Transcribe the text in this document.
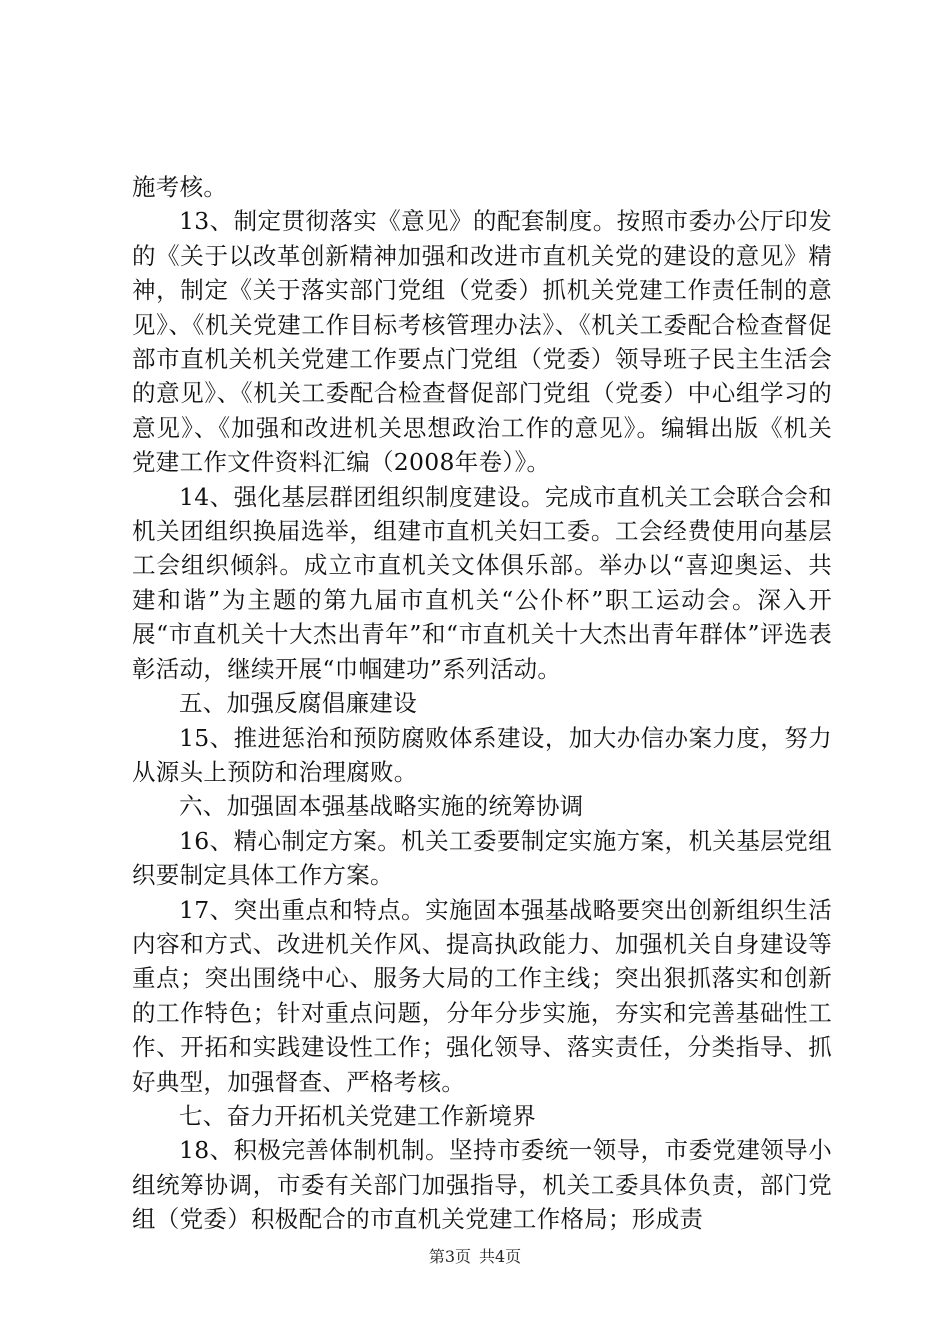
施考核。

13、制定贯彻落实《意见》的配套制度。按照市委办公厅印发的《关于以改革创新精神加强和改进市直机关党的建设的意见》精神，制定《关于落实部门党组（党委）抓机关党建工作责任制的意见》、《机关党建工作目标考核管理办法》、《机关工委配合检查督促部市直机关机关党建工作要点门党组（党委）领导班子民主生活会的意见》、《机关工委配合检查督促部门党组（党委）中心组学习的意见》、《加强和改进机关思想政治工作的意见》。编辑出版《机关党建工作文件资料汇编（2008年卷）》。

14、强化基层群团组织制度建设。完成市直机关工会联合会和机关团组织换届选举，组建市直机关妇工委。工会经费使用向基层工会组织倾斜。成立市直机关文体俱乐部。举办以“喜迎奥运、共建和谐”为主题的第九届市直机关“公仆杯”职工运动会。深入开展“市直机关十大杰出青年”和“市直机关十大杰出青年群体”评选表彰活动，继续开展“巾帼建功”系列活动。

五、加强反腐倡廉建设

15、推进惩治和预防腐败体系建设，加大办信办案力度，努力从源头上预防和治理腐败。

六、加强固本强基战略实施的统筹协调

16、精心制定方案。机关工委要制定实施方案，机关基层党组织要制定具体工作方案。

17、突出重点和特点。实施固本强基战略要突出创新组织生活内容和方式、改进机关作风、提高执政能力、加强机关自身建设等重点；突出围绕中心、服务大局的工作主线；突出狠抓落实和创新的工作特色；针对重点问题，分年分步实施，夯实和完善基础性工作、开拓和实践建设性工作；强化领导、落实责任，分类指导、抓好典型，加强督查、严格考核。

七、奋力开拓机关党建工作新境界

18、积极完善体制机制。坚持市委统一领导，市委党建领导小组统筹协调，市委有关部门加强指导，机关工委具体负责，部门党组（党委）积极配合的市直机关党建工作格局；形成责

第3页 共4页
